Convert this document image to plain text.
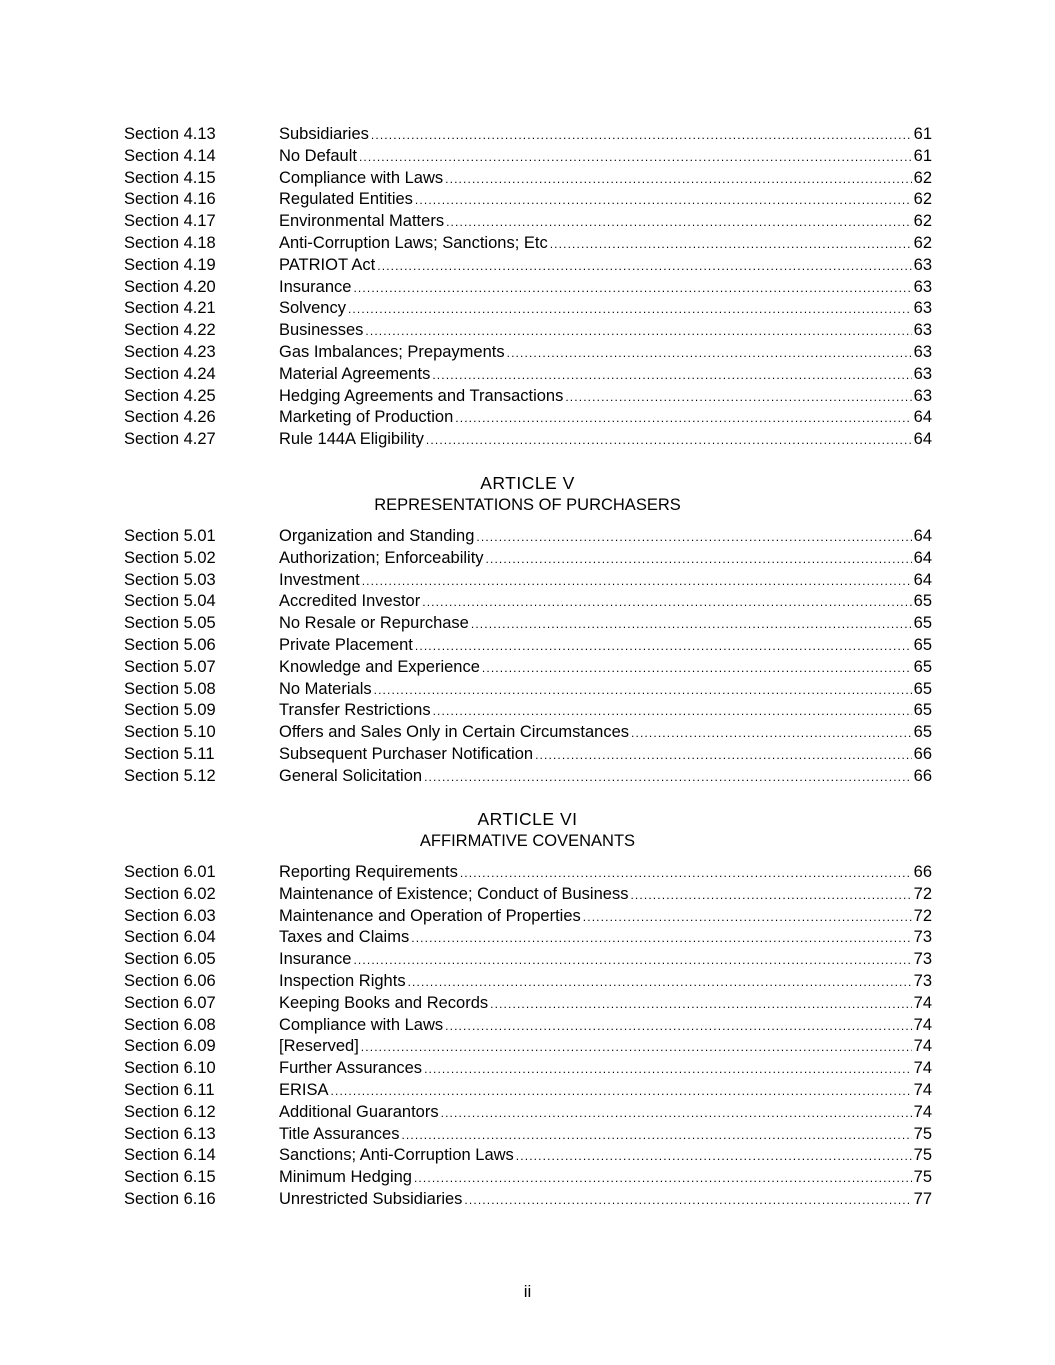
Section 4.13	Subsidiaries . . .	61
Section 4.14	No Default . . .	61
Section 4.15	Compliance with Laws . . .	62
Section 4.16	Regulated Entities . . .	62
Section 4.17	Environmental Matters . . .	62
Section 4.18	Anti-Corruption Laws; Sanctions; Etc . . .	62
Section 4.19	PATRIOT Act . . .	63
Section 4.20	Insurance . . .	63
Section 4.21	Solvency . . .	63
Section 4.22	Businesses . . .	63
Section 4.23	Gas Imbalances; Prepayments . . .	63
Section 4.24	Material Agreements . . .	63
Section 4.25	Hedging Agreements and Transactions . . .	63
Section 4.26	Marketing of Production . . .	64
Section 4.27	Rule 144A Eligibility . . .	64
ARTICLE V
REPRESENTATIONS OF PURCHASERS
Section 5.01	Organization and Standing . . .	64
Section 5.02	Authorization; Enforceability . . .	64
Section 5.03	Investment . . .	64
Section 5.04	Accredited Investor . . .	65
Section 5.05	No Resale or Repurchase . . .	65
Section 5.06	Private Placement . . .	65
Section 5.07	Knowledge and Experience . . .	65
Section 5.08	No Materials . . .	65
Section 5.09	Transfer Restrictions . . .	65
Section 5.10	Offers and Sales Only in Certain Circumstances . . .	65
Section 5.11	Subsequent Purchaser Notification . . .	66
Section 5.12	General Solicitation . . .	66
ARTICLE VI
AFFIRMATIVE COVENANTS
Section 6.01	Reporting Requirements . . .	66
Section 6.02	Maintenance of Existence; Conduct of Business . . .	72
Section 6.03	Maintenance and Operation of Properties . . .	72
Section 6.04	Taxes and Claims . . .	73
Section 6.05	Insurance . . .	73
Section 6.06	Inspection Rights . . .	73
Section 6.07	Keeping Books and Records . . .	74
Section 6.08	Compliance with Laws . . .	74
Section 6.09	[Reserved] . . .	74
Section 6.10	Further Assurances . . .	74
Section 6.11	ERISA . . .	74
Section 6.12	Additional Guarantors . . .	74
Section 6.13	Title Assurances . . .	75
Section 6.14	Sanctions; Anti-Corruption Laws . . .	75
Section 6.15	Minimum Hedging . . .	75
Section 6.16	Unrestricted Subsidiaries . . .	77
ii
